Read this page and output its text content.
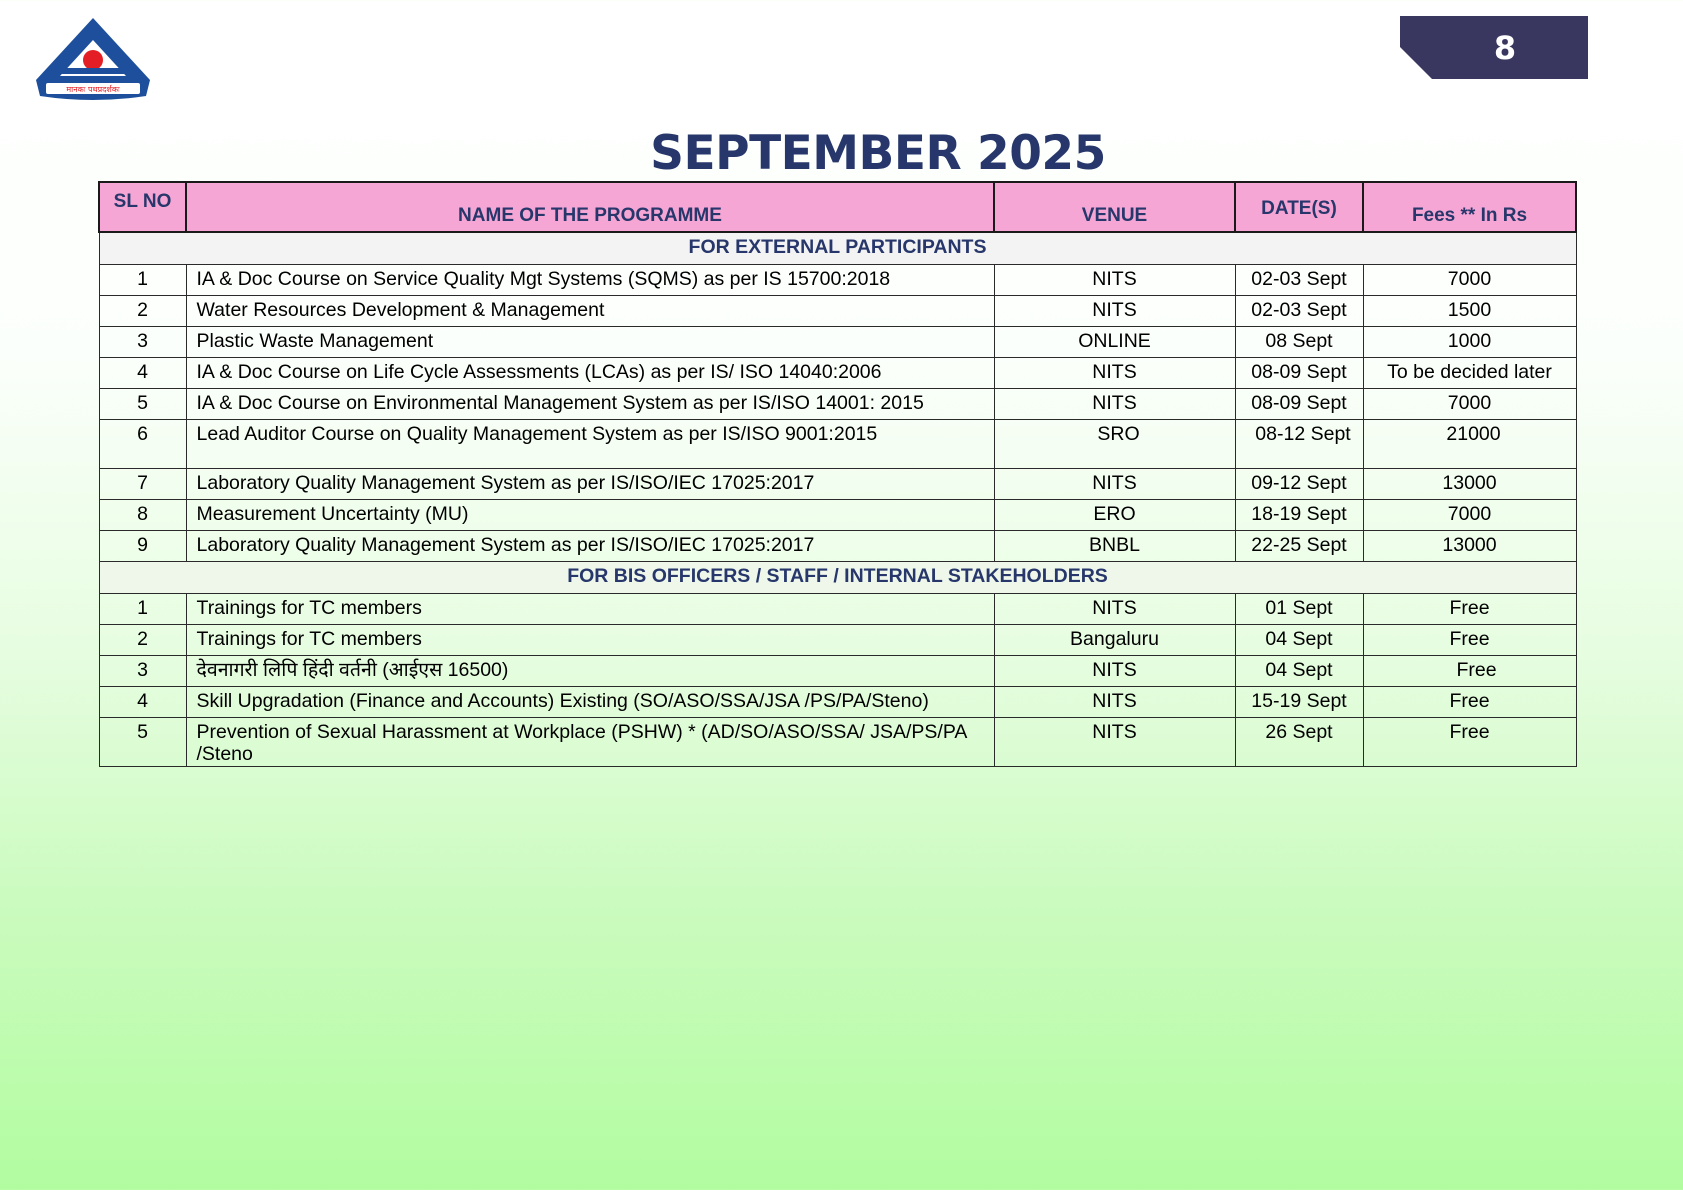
मानकः पथप्रदर्शकः
8
SEPTEMBER 2025
SL NO	NAME OF THE PROGRAMME	VENUE	DATE(S)	Fees ** In Rs
FOR EXTERNAL PARTICIPANTS				
1	IA & Doc Course on Service Quality Mgt Systems (SQMS) as per IS 15700:2018	NITS	02-03 Sept	7000
2	Water Resources Development & Management	NITS	02-03 Sept	1500
3	Plastic Waste Management	ONLINE	08 Sept	1000
4	IA & Doc Course on Life Cycle Assessments (LCAs) as per IS/ ISO 14040:2006	NITS	08-09 Sept	To be decided later
5	IA & Doc Course on Environmental Management System as per IS/ISO 14001: 2015	NITS	08-09 Sept	7000
6	Lead Auditor Course on Quality Management System as per IS/ISO 9001:2015	SRO	08-12 Sept	21000
7	Laboratory Quality Management System as per IS/ISO/IEC 17025:2017	NITS	09-12 Sept	13000
8	Measurement Uncertainty (MU)	ERO	18-19 Sept	7000
9	Laboratory Quality Management System as per IS/ISO/IEC 17025:2017	BNBL	22-25 Sept	13000
FOR BIS OFFICERS / STAFF / INTERNAL STAKEHOLDERS				
1	Trainings for TC members	NITS	01 Sept	Free
2	Trainings for TC members	Bangaluru	04 Sept	Free
3	देवनागरी लिपि हिंदी वर्तनी (आईएस 16500)	NITS	04 Sept	Free
4	Skill Upgradation (Finance and Accounts) Existing (SO/ASO/SSA/JSA /PS/PA/Steno)	NITS	15-19 Sept	Free
5	Prevention of Sexual Harassment at Workplace (PSHW) * (AD/SO/ASO/SSA/ JSA/PS/PA /Steno	NITS	26 Sept	Free
